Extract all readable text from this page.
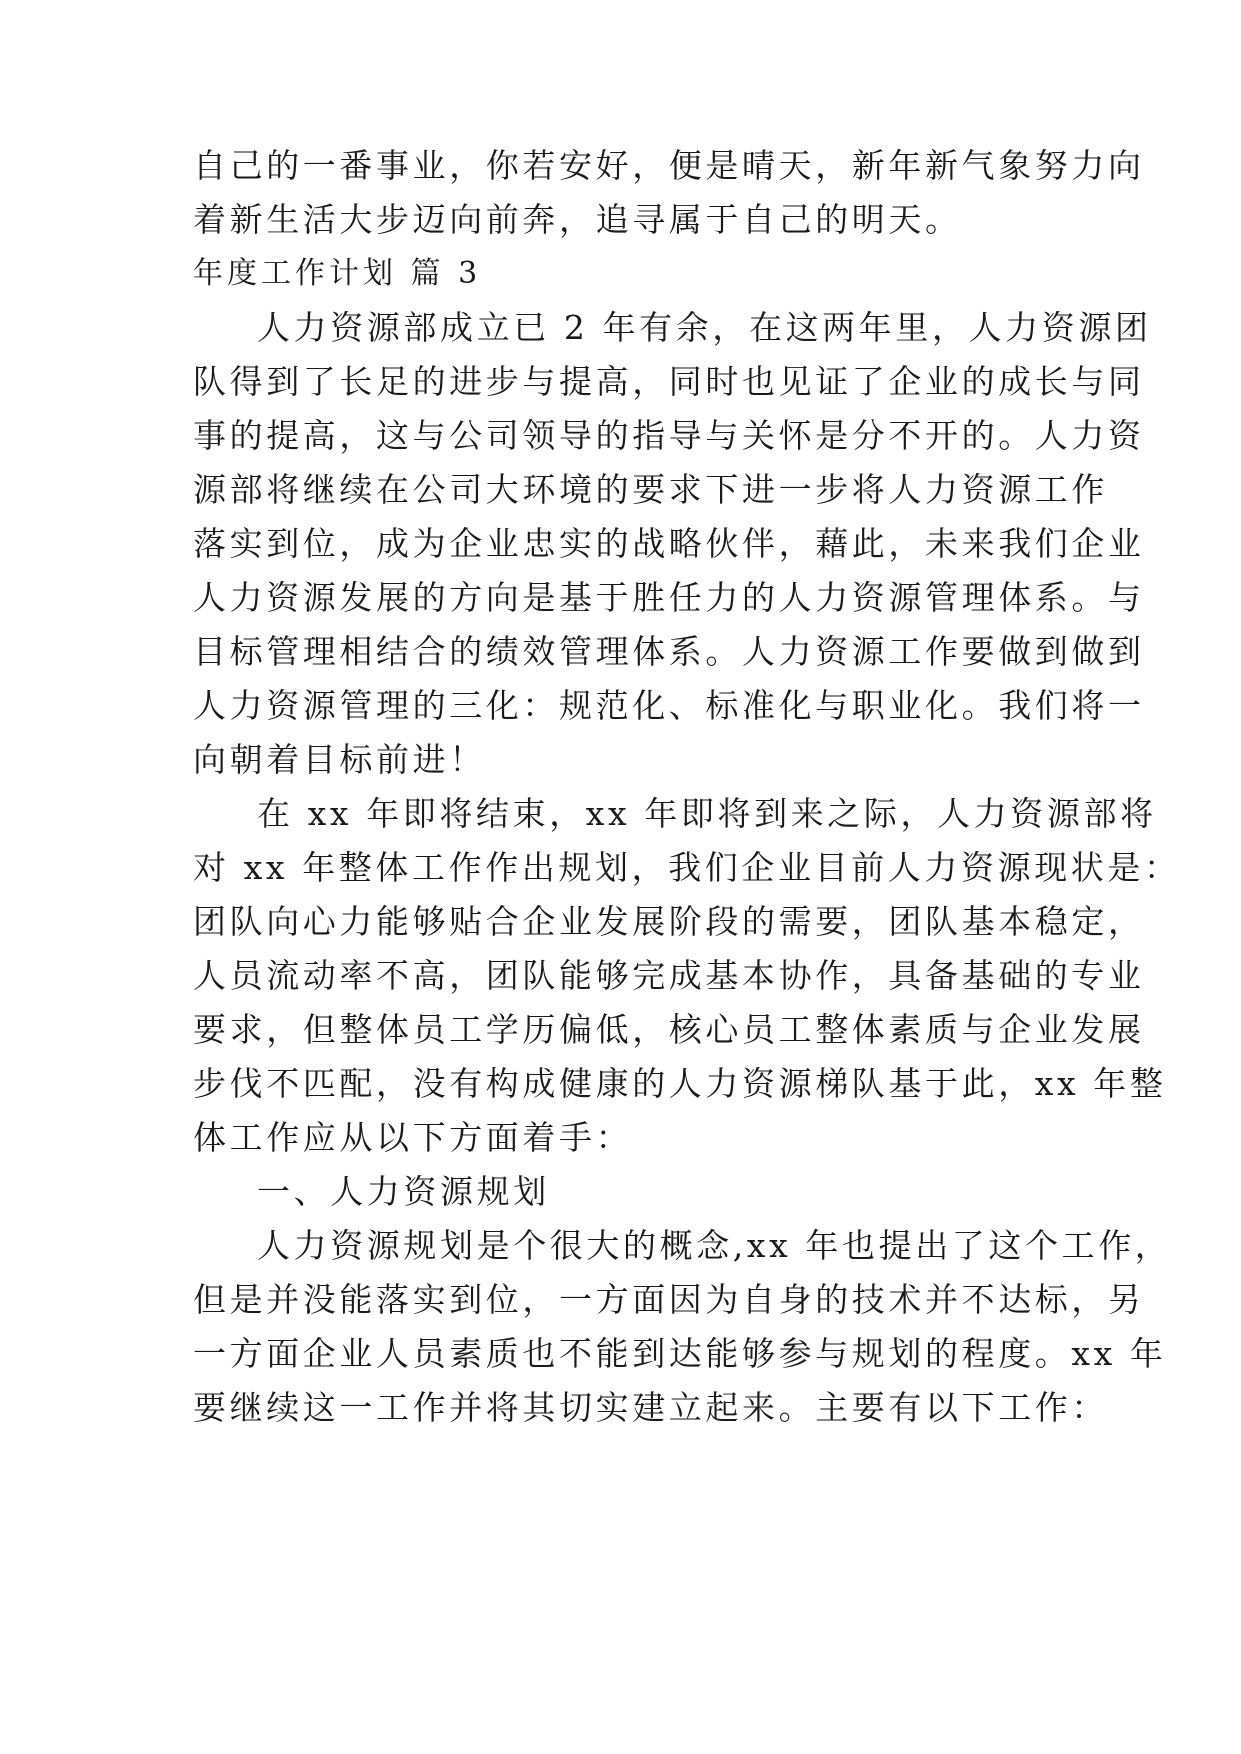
自己的一番事业，你若安好，便是晴天，新年新气象努力向

着新生活大步迈向前奔，追寻属于自己的明天。

年度工作计划 篇 3

人力资源部成立已 2 年有余，在这两年里，人力资源团

队得到了长足的进步与提高，同时也见证了企业的成长与同

事的提高，这与公司领导的指导与关怀是分不开的。人力资

源部将继续在公司大环境的要求下进一步将人力资源工作

落实到位，成为企业忠实的战略伙伴，藉此，未来我们企业

人力资源发展的方向是基于胜任力的人力资源管理体系。与

目标管理相结合的绩效管理体系。人力资源工作要做到做到

人力资源管理的三化：规范化、标准化与职业化。我们将一

向朝着目标前进！

在 xx 年即将结束，xx 年即将到来之际，人力资源部将

对 xx 年整体工作作出规划，我们企业目前人力资源现状是：

团队向心力能够贴合企业发展阶段的需要，团队基本稳定，

人员流动率不高，团队能够完成基本协作，具备基础的专业

要求，但整体员工学历偏低，核心员工整体素质与企业发展

步伐不匹配，没有构成健康的人力资源梯队基于此，xx 年整

体工作应从以下方面着手：

一、人力资源规划

人力资源规划是个很大的概念,xx 年也提出了这个工作，

但是并没能落实到位，一方面因为自身的技术并不达标，另

一方面企业人员素质也不能到达能够参与规划的程度。xx 年

要继续这一工作并将其切实建立起来。主要有以下工作：
